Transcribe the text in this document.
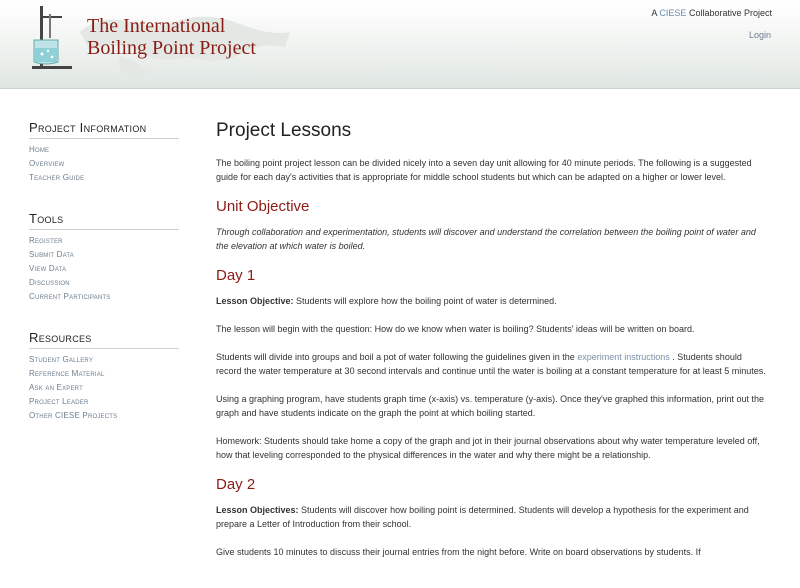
The International
Boiling Point Project
A CIESE Collaborative Project
Login
Project Information
Home
Overview
Teacher Guide
Tools
Register
Submit Data
View Data
Discussion
Current Participants
Resources
Student Gallery
Reference Material
Ask an Expert
Project Leader
Other CIESE Projects
Project Lessons

The boiling point project lesson can be divided nicely into a seven day unit allowing for 40 minute periods. The following is a suggested guide for each day's activities that is appropriate for middle school students but which can be adapted on a higher or lower level.

Unit Objective

Through collaboration and experimentation, students will discover and understand the correlation between the boiling point of water and the elevation at which water is boiled.

Day 1

Lesson Objective: Students will explore how the boiling point of water is determined.

The lesson will begin with the question: How do we know when water is boiling? Students' ideas will be written on board.

Students will divide into groups and boil a pot of water following the guidelines given in the experiment instructions . Students should record the water temperature at 30 second intervals and continue until the water is boiling at a constant temperature for at least 5 minutes.

Using a graphing program, have students graph time (x-axis) vs. temperature (y-axis). Once they've graphed this information, print out the graph and have students indicate on the graph the point at which boiling started.

Homework: Students should take home a copy of the graph and jot in their journal observations about why water temperature leveled off, how that leveling corresponded to the physical differences in the water and why there might be a relationship.

Day 2

Lesson Objectives: Students will discover how boiling point is determined. Students will develop a hypothesis for the experiment and prepare a Letter of Introduction from their school.

Give students 10 minutes to discuss their journal entries from the night before. Write on board observations by students. If
